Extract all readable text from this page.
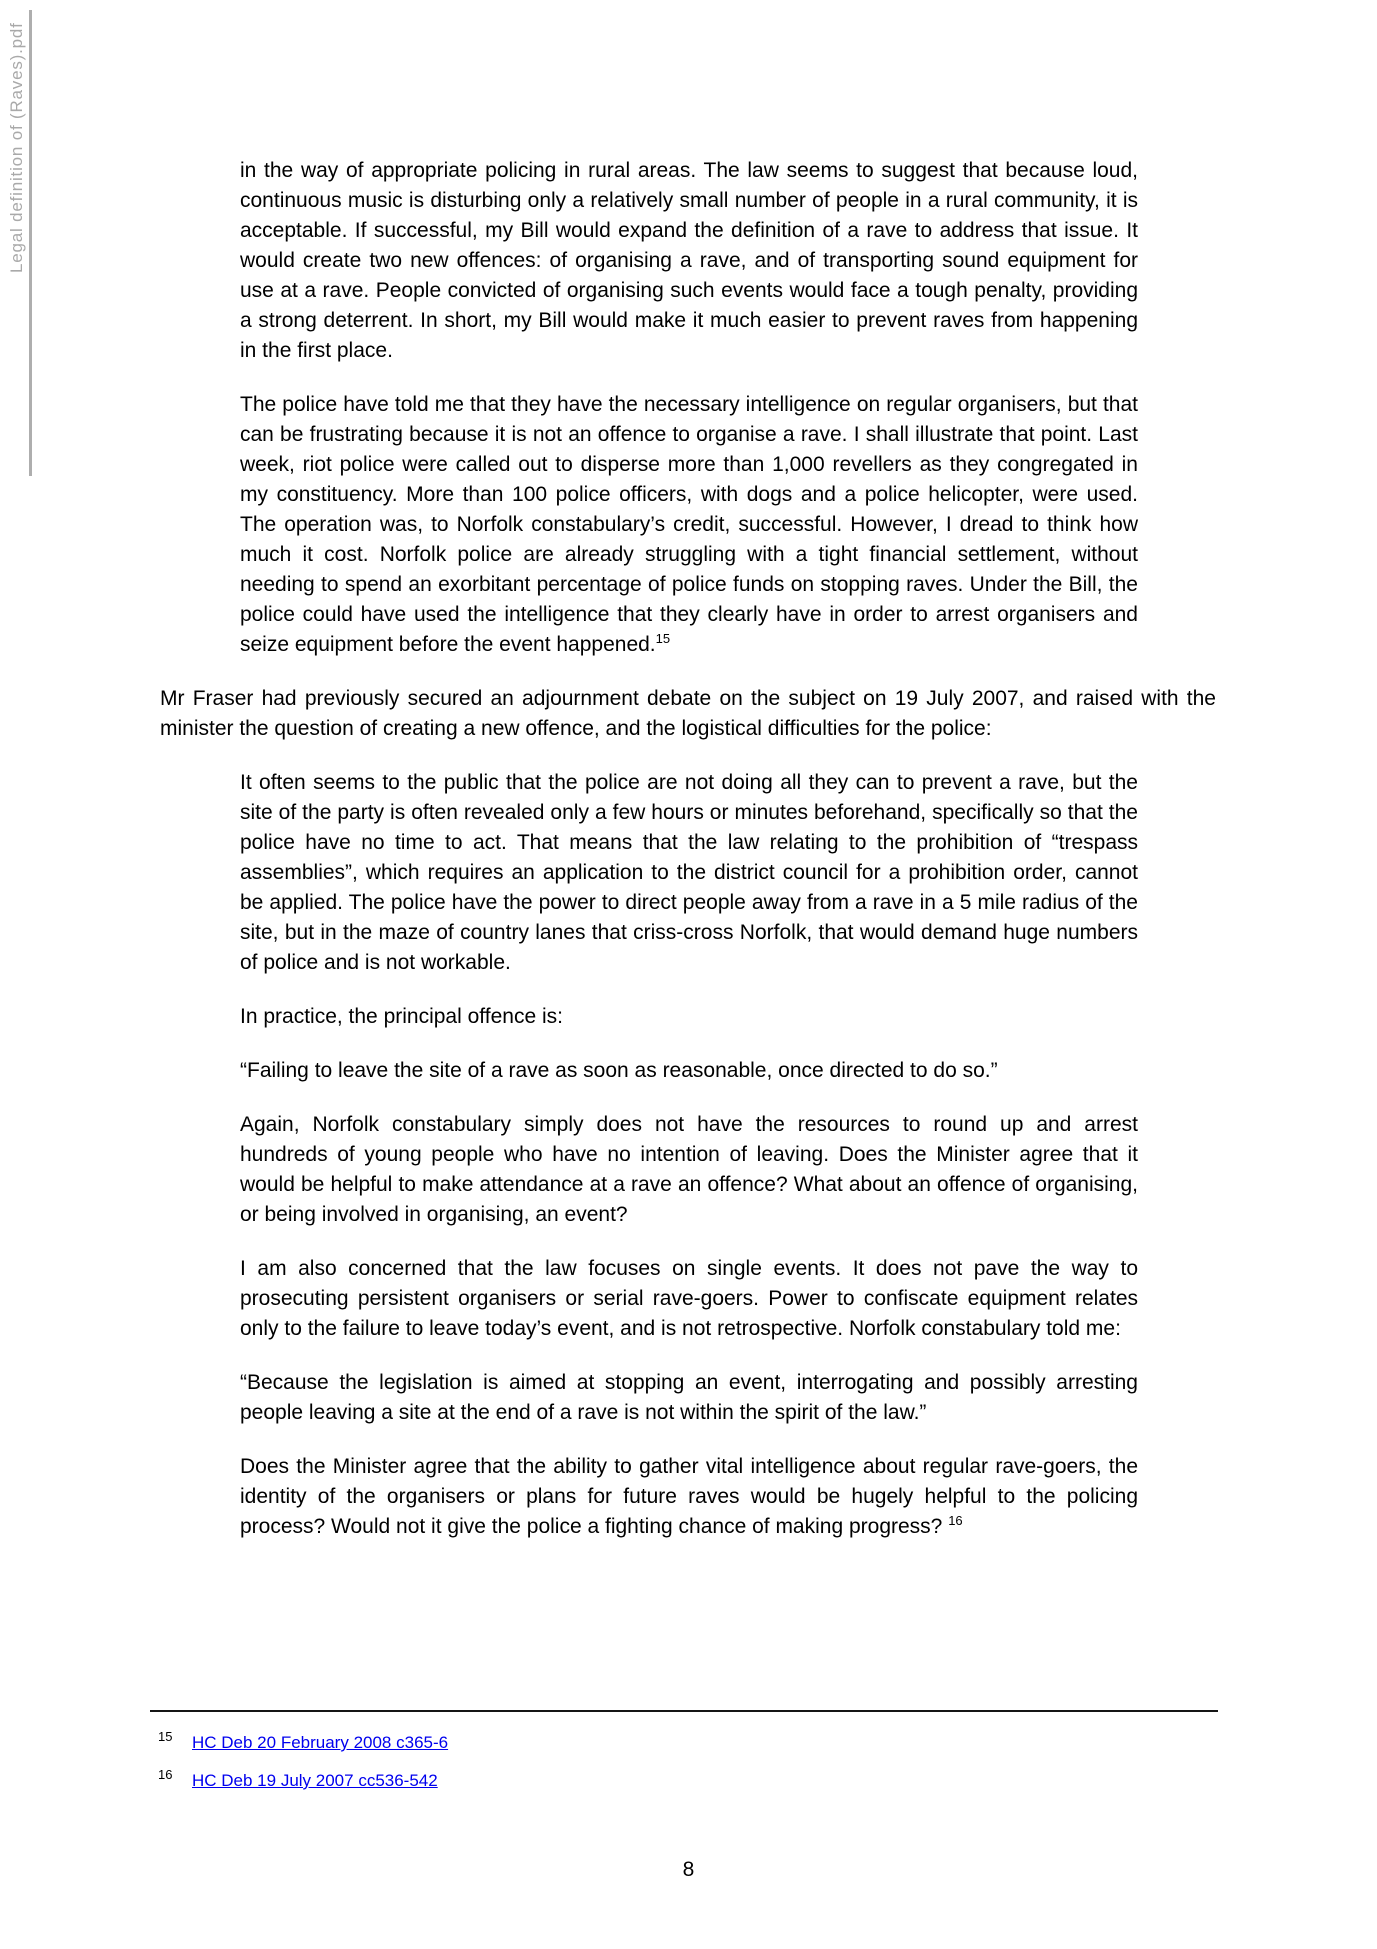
Legal definition of (Raves).pdf	in the way of appropriate policing in rural areas. The law seems to suggest that because loud, continuous music is disturbing only a relatively small number of people in a rural community, it is acceptable. If successful, my Bill would expand the definition of a rave to address that issue. It would create two new offences: of organising a rave, and of transporting sound equipment for use at a rave. People convicted of organising such events would face a tough penalty, providing a strong deterrent. In short, my Bill would make it much easier to prevent raves from happening in the first place.

The police have told me that they have the necessary intelligence on regular organisers, but that can be frustrating because it is not an offence to organise a rave. I shall illustrate that point. Last week, riot police were called out to disperse more than 1,000 revellers as they congregated in my constituency. More than 100 police officers, with dogs and a police helicopter, were used. The operation was, to Norfolk constabulary’s credit, successful. However, I dread to think how much it cost. Norfolk police are already struggling with a tight financial settlement, without needing to spend an exorbitant percentage of police funds on stopping raves. Under the Bill, the police could have used the intelligence that they clearly have in order to arrest organisers and seize equipment before the event happened.$^{15}$

Mr Fraser had previously secured an adjournment debate on the subject on 19 July 2007, and raised with the minister the question of creating a new offence, and the logistical difficulties for the police:

It often seems to the public that the police are not doing all they can to prevent a rave, but the site of the party is often revealed only a few hours or minutes beforehand, specifically so that the police have no time to act. That means that the law relating to the prohibition of “trespass assemblies”, which requires an application to the district council for a prohibition order, cannot be applied. The police have the power to direct people away from a rave in a 5 mile radius of the site, but in the maze of country lanes that criss-cross Norfolk, that would demand huge numbers of police and is not workable.

In practice, the principal offence is:

“Failing to leave the site of a rave as soon as reasonable, once directed to do so.”

Again, Norfolk constabulary simply does not have the resources to round up and arrest hundreds of young people who have no intention of leaving. Does the Minister agree that it would be helpful to make attendance at a rave an offence? What about an offence of organising, or being involved in organising, an event?

I am also concerned that the law focuses on single events. It does not pave the way to prosecuting persistent organisers or serial rave-goers. Power to confiscate equipment relates only to the failure to leave today’s event, and is not retrospective. Norfolk constabulary told me:

“Because the legislation is aimed at stopping an event, interrogating and possibly arresting people leaving a site at the end of a rave is not within the spirit of the law.”

Does the Minister agree that the ability to gather vital intelligence about regular rave-goers, the identity of the organisers or plans for future raves would be hugely helpful to the policing process? Would not it give the police a fighting chance of making progress? $^{16}$

15 HC Deb 20 February 2008 c365-6
16 HC Deb 19 July 2007 cc536-542
8
